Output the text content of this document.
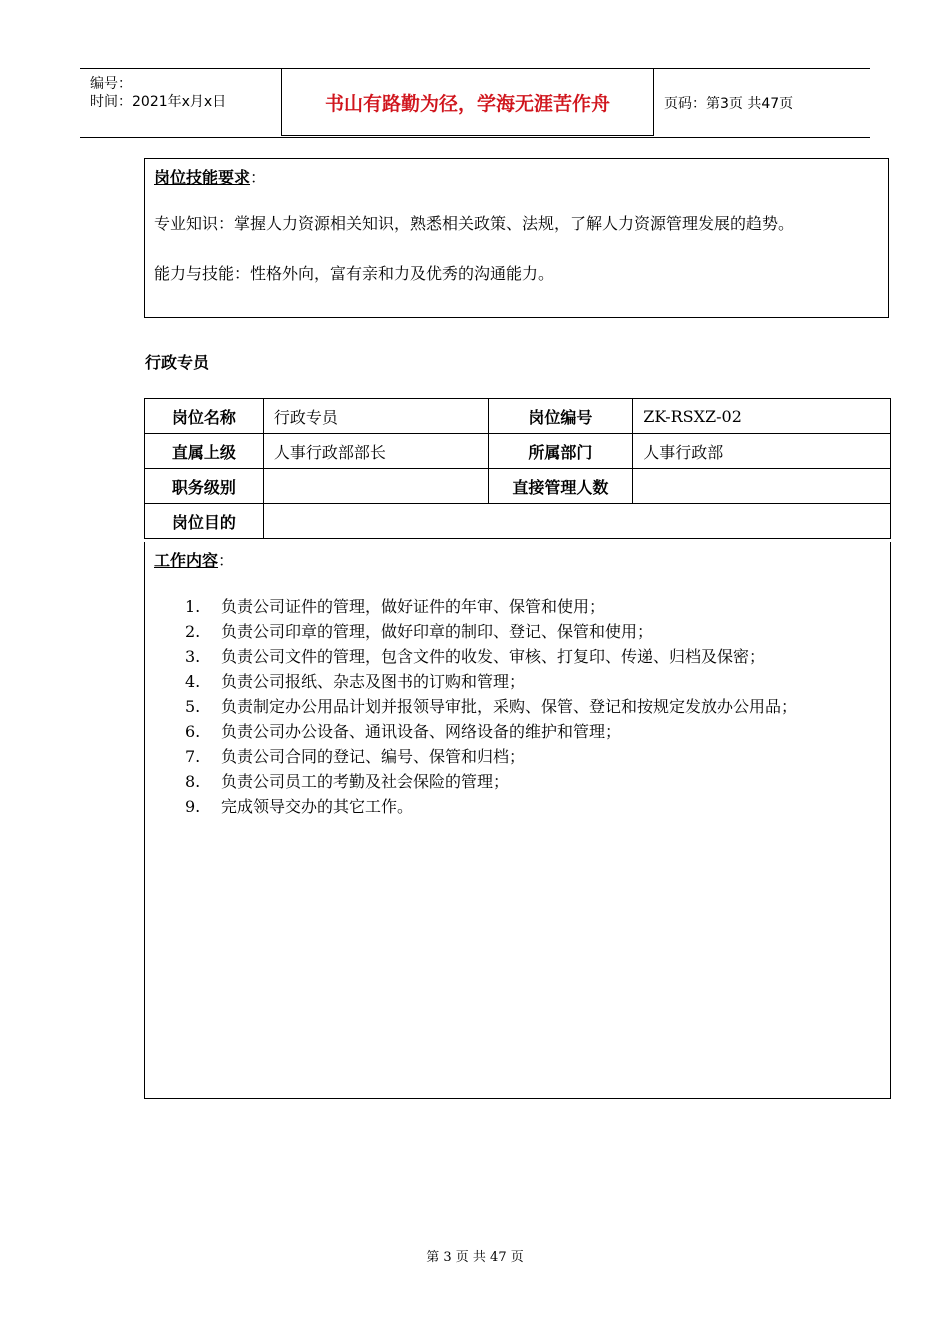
编号：
时间：2021年x月x日	书山有路勤为径，学海无涯苦作舟	页码：第3页 共47页
岗位技能要求：
专业知识：掌握人力资源相关知识，熟悉相关政策、法规，了解人力资源管理发展的趋势。
能力与技能：性格外向，富有亲和力及优秀的沟通能力。
行政专员
岗位名称	行政专员	岗位编号	ZK-RSXZ-02
直属上级	人事行政部部长	所属部门	人事行政部
职务级别		直接管理人数	
岗位目的			
工作内容：
1. 负责公司证件的管理，做好证件的年审、保管和使用；
2. 负责公司印章的管理，做好印章的制印、登记、保管和使用；
3. 负责公司文件的管理，包含文件的收发、审核、打复印、传递、归档及保密；
4. 负责公司报纸、杂志及图书的订购和管理；
5. 负责制定办公用品计划并报领导审批，采购、保管、登记和按规定发放办公用品；
6. 负责公司办公设备、通讯设备、网络设备的维护和管理；
7. 负责公司合同的登记、编号、保管和归档；
8. 负责公司员工的考勤及社会保险的管理；
9. 完成领导交办的其它工作。
第 3 页 共 47 页
